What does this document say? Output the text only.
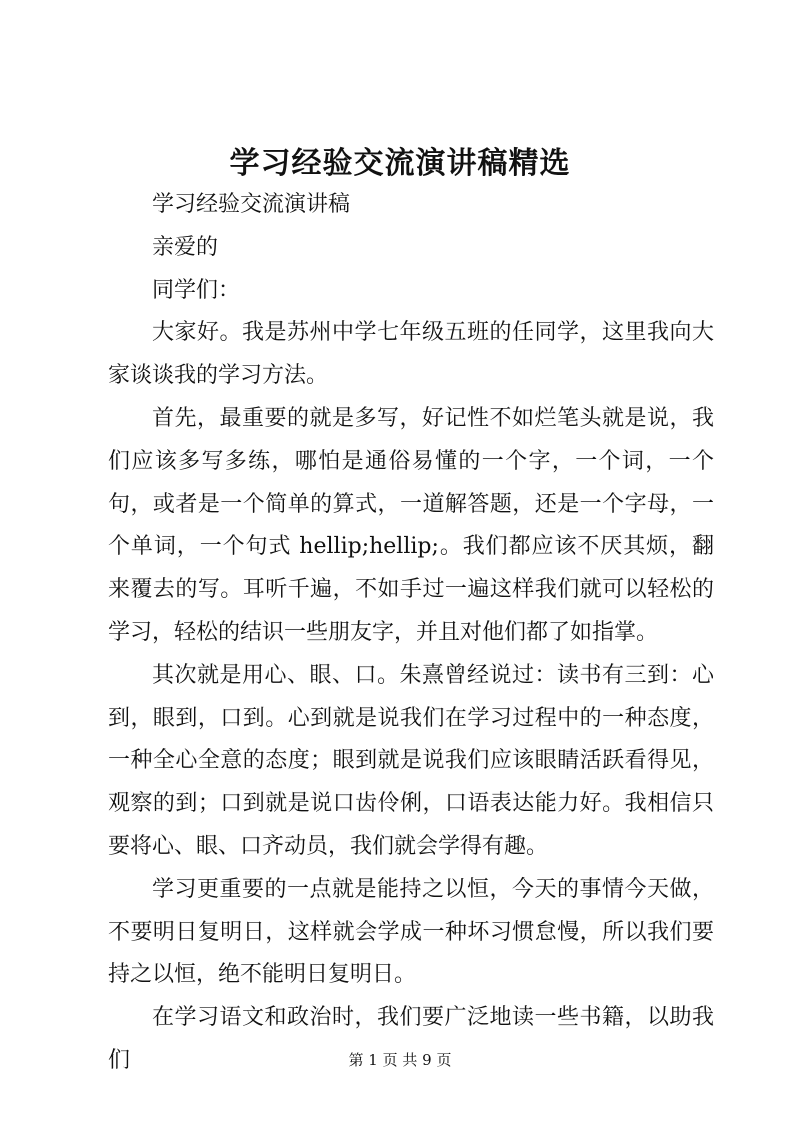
学习经验交流演讲稿精选

学习经验交流演讲稿

亲爱的

同学们：

大家好。我是苏州中学七年级五班的任同学，这里我向大家谈谈我的学习方法。

首先，最重要的就是多写，好记性不如烂笔头就是说，我们应该多写多练，哪怕是通俗易懂的一个字，一个词，一个句，或者是一个简单的算式，一道解答题，还是一个字母，一个单词，一个句式 hellip;hellip;。我们都应该不厌其烦，翻来覆去的写。耳听千遍，不如手过一遍这样我们就可以轻松的学习，轻松的结识一些朋友字，并且对他们都了如指掌。

其次就是用心、眼、口。朱熹曾经说过：读书有三到：心到，眼到，口到。心到就是说我们在学习过程中的一种态度，一种全心全意的态度；眼到就是说我们应该眼睛活跃看得见，观察的到；口到就是说口齿伶俐，口语表达能力好。我相信只要将心、眼、口齐动员，我们就会学得有趣。

学习更重要的一点就是能持之以恒，今天的事情今天做，不要明日复明日，这样就会学成一种坏习惯怠慢，所以我们要持之以恒，绝不能明日复明日。

在学习语文和政治时，我们要广泛地读一些书籍，以助我们	第 1 页 共 9 页
